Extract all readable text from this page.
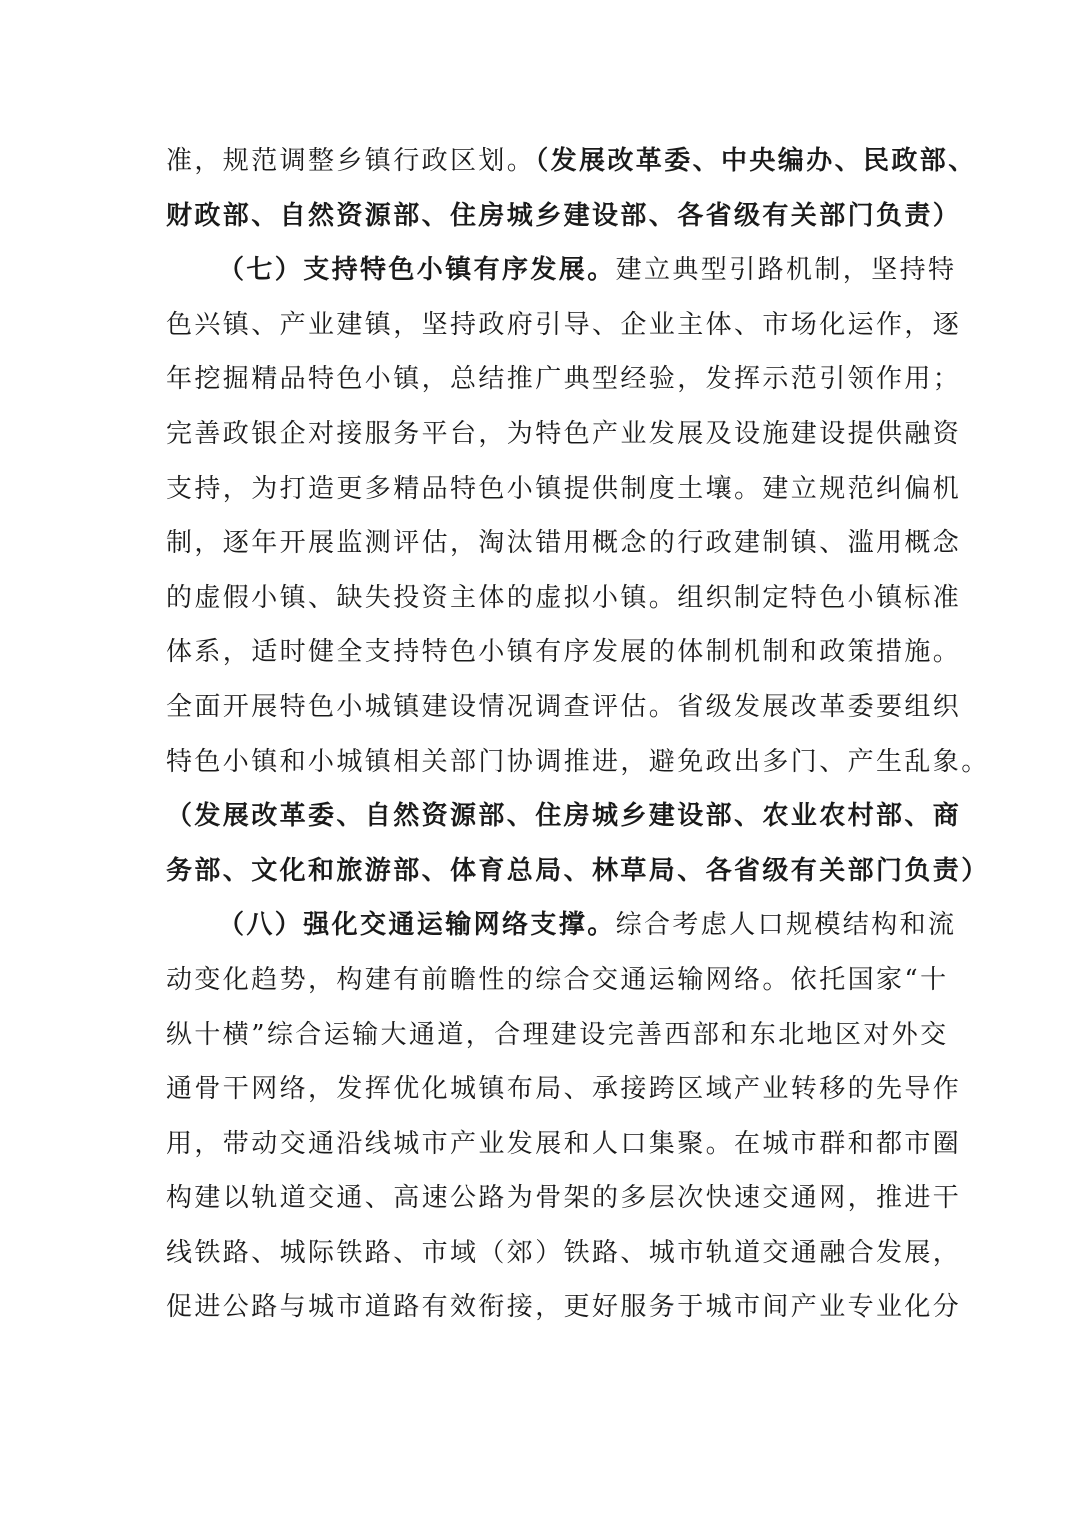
准，规范调整乡镇行政区划。（发展改革委、中央编办、民政部、
财政部、自然资源部、住房城乡建设部、各省级有关部门负责）
（七）支持特色小镇有序发展。建立典型引路机制，坚持特
色兴镇、产业建镇，坚持政府引导、企业主体、市场化运作，逐
年挖掘精品特色小镇，总结推广典型经验，发挥示范引领作用；
完善政银企对接服务平台，为特色产业发展及设施建设提供融资
支持，为打造更多精品特色小镇提供制度土壤。建立规范纠偏机
制，逐年开展监测评估，淘汰错用概念的行政建制镇、滥用概念
的虚假小镇、缺失投资主体的虚拟小镇。组织制定特色小镇标准
体系，适时健全支持特色小镇有序发展的体制机制和政策措施。
全面开展特色小城镇建设情况调查评估。省级发展改革委要组织
特色小镇和小城镇相关部门协调推进，避免政出多门、产生乱象。
（发展改革委、自然资源部、住房城乡建设部、农业农村部、商
务部、文化和旅游部、体育总局、林草局、各省级有关部门负责）
（八）强化交通运输网络支撑。综合考虑人口规模结构和流
动变化趋势，构建有前瞻性的综合交通运输网络。依托国家“十
纵十横”综合运输大通道，合理建设完善西部和东北地区对外交
通骨干网络，发挥优化城镇布局、承接跨区域产业转移的先导作
用，带动交通沿线城市产业发展和人口集聚。在城市群和都市圈
构建以轨道交通、高速公路为骨架的多层次快速交通网，推进干
线铁路、城际铁路、市域（郊）铁路、城市轨道交通融合发展，
促进公路与城市道路有效衔接，更好服务于城市间产业专业化分
